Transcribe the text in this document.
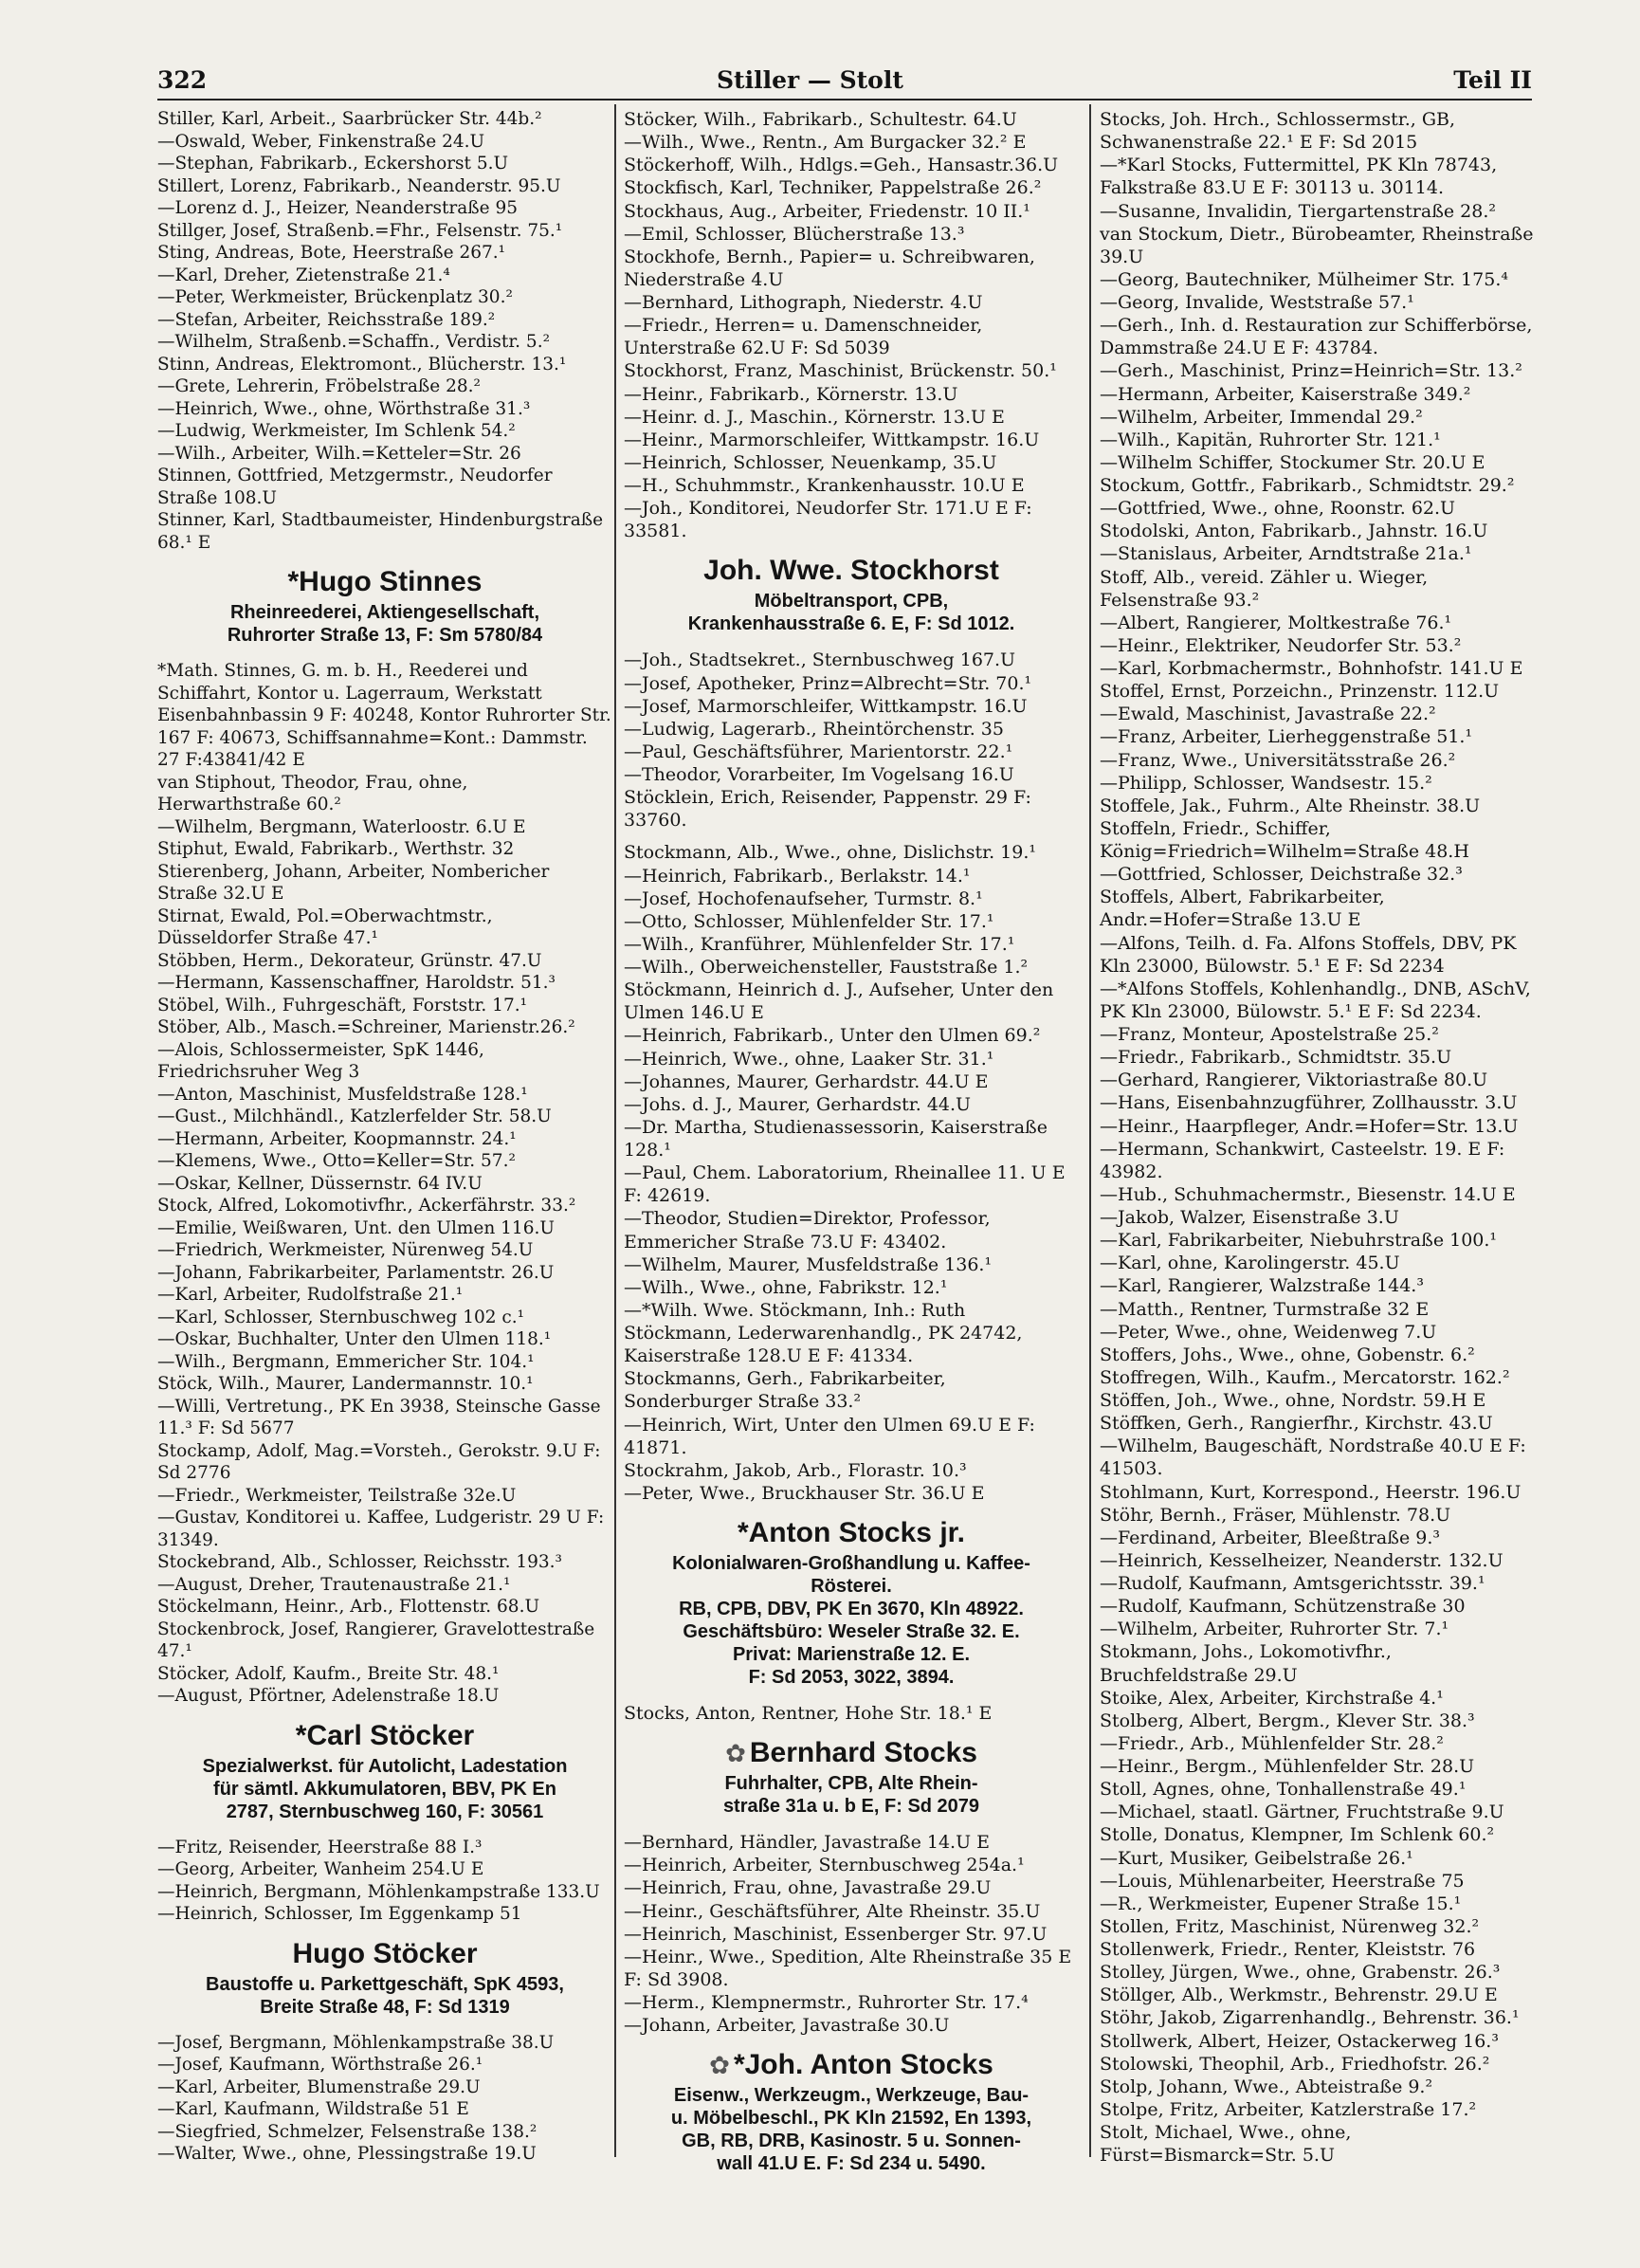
322	Stiller — Stolt	Teil II
Stiller, Karl, Arbeit., Saarbrücker Str. 44b.²
—Oswald, Weber, Finkenstraße 24.U
—Stephan, Fabrikarb., Eckershorst 5.U
Stillert, Lorenz, Fabrikarb., Neanderstr. 95.U
—Lorenz d. J., Heizer, Neanderstraße 95
Stillger, Josef, Straßenb.=Fhr., Felsenstr. 75.¹
Sting, Andreas, Bote, Heerstraße 267.¹
—Karl, Dreher, Zietenstraße 21.⁴
—Peter, Werkmeister, Brückenplatz 30.²
—Stefan, Arbeiter, Reichsstraße 189.²
—Wilhelm, Straßenb.=Schaffn., Verdistr. 5.²
Stinn, Andreas, Elektromont., Blücherstr. 13.¹
—Grete, Lehrerin, Fröbelstraße 28.²
—Heinrich, Wwe., ohne, Wörthstraße 31.³
—Ludwig, Werkmeister, Im Schlenk 54.²
—Wilh., Arbeiter, Wilh.=Ketteler=Str. 26
Stinnen, Gottfried, Metzgermstr., Neudorfer Straße 108.U
Stinner, Karl, Stadtbaumeister, Hindenburgstraße 68.¹ E
*Hugo Stinnes
Rheinreederei, Aktiengesellschaft,
Ruhrorter Straße 13, F: Sm 5780/84
*Math. Stinnes, G. m. b. H., Reederei und Schiffahrt, Kontor u. Lagerraum, Werkstatt Eisenbahnbassin 9 F: 40248, Kontor Ruhrorter Str. 167 F: 40673, Schiffsannahme=Kont.: Dammstr. 27 F:43841/42 E
van Stiphout, Theodor, Frau, ohne, Herwarthstraße 60.²
—Wilhelm, Bergmann, Waterloostr. 6.U E
Stiphut, Ewald, Fabrikarb., Werthstr. 32
Stierenberg, Johann, Arbeiter, Nombericher Straße 32.U E
Stirnat, Ewald, Pol.=Oberwachtmstr., Düsseldorfer Straße 47.¹
Stöbben, Herm., Dekorateur, Grünstr. 47.U
—Hermann, Kassenschaffner, Haroldstr. 51.³
Stöbel, Wilh., Fuhrgeschäft, Forststr. 17.¹
Stöber, Alb., Masch.=Schreiner, Marienstr.26.²
—Alois, Schlossermeister, SpK 1446, Friedrichsruher Weg 3
—Anton, Maschinist, Musfeldstraße 128.¹
—Gust., Milchhändl., Katzlerfelder Str. 58.U
—Hermann, Arbeiter, Koopmannstr. 24.¹
—Klemens, Wwe., Otto=Keller=Str. 57.²
—Oskar, Kellner, Düssernstr. 64 IV.U
Stock, Alfred, Lokomotivfhr., Ackerfährstr. 33.²
—Emilie, Weißwaren, Unt. den Ulmen 116.U
—Friedrich, Werkmeister, Nürenweg 54.U
—Johann, Fabrikarbeiter, Parlamentstr. 26.U
—Karl, Arbeiter, Rudolfstraße 21.¹
—Karl, Schlosser, Sternbuschweg 102 c.¹
—Oskar, Buchhalter, Unter den Ulmen 118.¹
—Wilh., Bergmann, Emmericher Str. 104.¹
Stöck, Wilh., Maurer, Landermannstr. 10.¹
—Willi, Vertretung., PK En 3938, Steinsche Gasse 11.³ F: Sd 5677
Stockamp, Adolf, Mag.=Vorsteh., Gerokstr. 9.U F: Sd 2776
—Friedr., Werkmeister, Teilstraße 32e.U
—Gustav, Konditorei u. Kaffee, Ludgeristr. 29 U F: 31349.
Stockebrand, Alb., Schlosser, Reichsstr. 193.³
—August, Dreher, Trautenaustraße 21.¹
Stöckelmann, Heinr., Arb., Flottenstr. 68.U
Stockenbrock, Josef, Rangierer, Gravelottestraße 47.¹
Stöcker, Adolf, Kaufm., Breite Str. 48.¹
—August, Pförtner, Adelenstraße 18.U
*Carl Stöcker
Spezialwerkst. für Autolicht, Ladestation
für sämtl. Akkumulatoren, BBV, PK En
2787, Sternbuschweg 160, F: 30561
—Fritz, Reisender, Heerstraße 88 I.³
—Georg, Arbeiter, Wanheim 254.U E
—Heinrich, Bergmann, Möhlenkampstraße 133.U
—Heinrich, Schlosser, Im Eggenkamp 51
Hugo Stöcker
Baustoffe u. Parkettgeschäft, SpK 4593,
Breite Straße 48, F: Sd 1319
—Josef, Bergmann, Möhlenkampstraße 38.U
—Josef, Kaufmann, Wörthstraße 26.¹
—Karl, Arbeiter, Blumenstraße 29.U
—Karl, Kaufmann, Wildstraße 51 E
—Siegfried, Schmelzer, Felsenstraße 138.²
—Walter, Wwe., ohne, Plessingstraße 19.U
Stöcker, Wilh., Fabrikarb., Schultestr. 64.U
—Wilh., Wwe., Rentn., Am Burgacker 32.² E
Stöckerhoff, Wilh., Hdlgs.=Geh., Hansastr.36.U
Stockfisch, Karl, Techniker, Pappelstraße 26.²
Stockhaus, Aug., Arbeiter, Friedenstr. 10 II.¹
—Emil, Schlosser, Blücherstraße 13.³
Stockhofe, Bernh., Papier= u. Schreibwaren, Niederstraße 4.U
—Bernhard, Lithograph, Niederstr. 4.U
—Friedr., Herren= u. Damenschneider, Unterstraße 62.U F: Sd 5039
Stockhorst, Franz, Maschinist, Brückenstr. 50.¹
—Heinr., Fabrikarb., Körnerstr. 13.U
—Heinr. d. J., Maschin., Körnerstr. 13.U E
—Heinr., Marmorschleifer, Wittkampstr. 16.U
—Heinrich, Schlosser, Neuenkamp, 35.U
—H., Schuhmmstr., Krankenhausstr. 10.U E
—Joh., Konditorei, Neudorfer Str. 171.U E F: 33581.
Joh. Wwe. Stockhorst
Möbeltransport, CPB,
Krankenhausstraße 6. E, F: Sd 1012.
—Joh., Stadtsekret., Sternbuschweg 167.U
—Josef, Apotheker, Prinz=Albrecht=Str. 70.¹
—Josef, Marmorschleifer, Wittkampstr. 16.U
—Ludwig, Lagerarb., Rheintörchenstr. 35
—Paul, Geschäftsführer, Marientorstr. 22.¹
—Theodor, Vorarbeiter, Im Vogelsang 16.U
Stöcklein, Erich, Reisender, Pappenstr. 29 F: 33760.
Stockmann, Alb., Wwe., ohne, Dislichstr. 19.¹
—Heinrich, Fabrikarb., Berlakstr. 14.¹
—Josef, Hochofenaufseher, Turmstr. 8.¹
—Otto, Schlosser, Mühlenfelder Str. 17.¹
—Wilh., Kranführer, Mühlenfelder Str. 17.¹
—Wilh., Oberweichensteller, Fauststraße 1.²
Stöckmann, Heinrich d. J., Aufseher, Unter den Ulmen 146.U E
—Heinrich, Fabrikarb., Unter den Ulmen 69.²
—Heinrich, Wwe., ohne, Laaker Str. 31.¹
—Johannes, Maurer, Gerhardstr. 44.U E
—Johs. d. J., Maurer, Gerhardstr. 44.U
—Dr. Martha, Studienassessorin, Kaiserstraße 128.¹
—Paul, Chem. Laboratorium, Rheinallee 11. U E F: 42619.
—Theodor, Studien=Direktor, Professor, Emmericher Straße 73.U F: 43402.
—Wilhelm, Maurer, Musfeldstraße 136.¹
—Wilh., Wwe., ohne, Fabrikstr. 12.¹
—*Wilh. Wwe. Stöckmann, Inh.: Ruth Stöckmann, Lederwarenhandlg., PK 24742, Kaiserstraße 128.U E F: 41334.
Stockmanns, Gerh., Fabrikarbeiter, Sonderburger Straße 33.²
—Heinrich, Wirt, Unter den Ulmen 69.U E F: 41871.
Stockrahm, Jakob, Arb., Florastr. 10.³
—Peter, Wwe., Bruckhauser Str. 36.U E
*Anton Stocks jr.
Kolonialwaren-Großhandlung u. Kaffee-
Rösterei.
RB, CPB, DBV, PK En 3670, Kln 48922.
Geschäftsbüro: Weseler Straße 32. E.
Privat: Marienstraße 12. E.
F: Sd 2053, 3022, 3894.
Stocks, Anton, Rentner, Hohe Str. 18.¹ E
✿ Bernhard Stocks
Fuhrhalter, CPB, Alte Rhein-
straße 31a u. b E, F: Sd 2079
—Bernhard, Händler, Javastraße 14.U E
—Heinrich, Arbeiter, Sternbuschweg 254a.¹
—Heinrich, Frau, ohne, Javastraße 29.U
—Heinr., Geschäftsführer, Alte Rheinstr. 35.U
—Heinrich, Maschinist, Essenberger Str. 97.U
—Heinr., Wwe., Spedition, Alte Rheinstraße 35 E F: Sd 3908.
—Herm., Klempnermstr., Ruhrorter Str. 17.⁴
—Johann, Arbeiter, Javastraße 30.U
✿ *Joh. Anton Stocks
Eisenw., Werkzeugm., Werkzeuge, Bau-
u. Möbelbeschl., PK Kln 21592, En 1393,
GB, RB, DRB, Kasinostr. 5 u. Sonnen-
wall 41.U E. F: Sd 234 u. 5490.
Stocks, Joh. Hrch., Schlossermstr., GB, Schwanenstraße 22.¹ E F: Sd 2015
—*Karl Stocks, Futtermittel, PK Kln 78743, Falkstraße 83.U E F: 30113 u. 30114.
—Susanne, Invalidin, Tiergartenstraße 28.²
van Stockum, Dietr., Bürobeamter, Rheinstraße 39.U
—Georg, Bautechniker, Mülheimer Str. 175.⁴
—Georg, Invalide, Weststraße 57.¹
—Gerh., Inh. d. Restauration zur Schifferbörse, Dammstraße 24.U E F: 43784.
—Gerh., Maschinist, Prinz=Heinrich=Str. 13.²
—Hermann, Arbeiter, Kaiserstraße 349.²
—Wilhelm, Arbeiter, Immendal 29.²
—Wilh., Kapitän, Ruhrorter Str. 121.¹
—Wilhelm Schiffer, Stockumer Str. 20.U E
Stockum, Gottfr., Fabrikarb., Schmidtstr. 29.²
—Gottfried, Wwe., ohne, Roonstr. 62.U
Stodolski, Anton, Fabrikarb., Jahnstr. 16.U
—Stanislaus, Arbeiter, Arndtstraße 21a.¹
Stoff, Alb., vereid. Zähler u. Wieger, Felsenstraße 93.²
—Albert, Rangierer, Moltkestraße 76.¹
—Heinr., Elektriker, Neudorfer Str. 53.²
—Karl, Korbmachermstr., Bohnhofstr. 141.U E
Stoffel, Ernst, Porzeichn., Prinzenstr. 112.U
—Ewald, Maschinist, Javastraße 22.²
—Franz, Arbeiter, Lierheggenstraße 51.¹
—Franz, Wwe., Universitätsstraße 26.²
—Philipp, Schlosser, Wandsestr. 15.²
Stoffele, Jak., Fuhrm., Alte Rheinstr. 38.U
Stoffeln, Friedr., Schiffer, König=Friedrich=Wilhelm=Straße 48.H
—Gottfried, Schlosser, Deichstraße 32.³
Stoffels, Albert, Fabrikarbeiter, Andr.=Hofer=Straße 13.U E
—Alfons, Teilh. d. Fa. Alfons Stoffels, DBV, PK Kln 23000, Bülowstr. 5.¹ E F: Sd 2234
—*Alfons Stoffels, Kohlenhandlg., DNB, ASchV, PK Kln 23000, Bülowstr. 5.¹ E F: Sd 2234.
—Franz, Monteur, Apostelstraße 25.²
—Friedr., Fabrikarb., Schmidtstr. 35.U
—Gerhard, Rangierer, Viktoriastraße 80.U
—Hans, Eisenbahnzugführer, Zollhausstr. 3.U
—Heinr., Haarpfleger, Andr.=Hofer=Str. 13.U
—Hermann, Schankwirt, Casteelstr. 19. E F: 43982.
—Hub., Schuhmachermstr., Biesenstr. 14.U E
—Jakob, Walzer, Eisenstraße 3.U
—Karl, Fabrikarbeiter, Niebuhrstraße 100.¹
—Karl, ohne, Karolingerstr. 45.U
—Karl, Rangierer, Walzstraße 144.³
—Matth., Rentner, Turmstraße 32 E
—Peter, Wwe., ohne, Weidenweg 7.U
Stoffers, Johs., Wwe., ohne, Gobenstr. 6.²
Stoffregen, Wilh., Kaufm., Mercatorstr. 162.²
Stöffen, Joh., Wwe., ohne, Nordstr. 59.H E
Stöffken, Gerh., Rangierfhr., Kirchstr. 43.U
—Wilhelm, Baugeschäft, Nordstraße 40.U E F: 41503.
Stohlmann, Kurt, Korrespond., Heerstr. 196.U
Stöhr, Bernh., Fräser, Mühlenstr. 78.U
—Ferdinand, Arbeiter, Bleeßtraße 9.³
—Heinrich, Kesselheizer, Neanderstr. 132.U
—Rudolf, Kaufmann, Amtsgerichtsstr. 39.¹
—Rudolf, Kaufmann, Schützenstraße 30
—Wilhelm, Arbeiter, Ruhrorter Str. 7.¹
Stokmann, Johs., Lokomotivfhr., Bruchfeldstraße 29.U
Stoike, Alex, Arbeiter, Kirchstraße 4.¹
Stolberg, Albert, Bergm., Klever Str. 38.³
—Friedr., Arb., Mühlenfelder Str. 28.²
—Heinr., Bergm., Mühlenfelder Str. 28.U
Stoll, Agnes, ohne, Tonhallenstraße 49.¹
—Michael, staatl. Gärtner, Fruchtstraße 9.U
Stolle, Donatus, Klempner, Im Schlenk 60.²
—Kurt, Musiker, Geibelstraße 26.¹
—Louis, Mühlenarbeiter, Heerstraße 75
—R., Werkmeister, Eupener Straße 15.¹
Stollen, Fritz, Maschinist, Nürenweg 32.²
Stollenwerk, Friedr., Renter, Kleiststr. 76
Stolley, Jürgen, Wwe., ohne, Grabenstr. 26.³
Stöllger, Alb., Werkmstr., Behrenstr. 29.U E
Stöhr, Jakob, Zigarrenhandlg., Behrenstr. 36.¹
Stollwerk, Albert, Heizer, Ostackerweg 16.³
Stolowski, Theophil, Arb., Friedhofstr. 26.²
Stolp, Johann, Wwe., Abteistraße 9.²
Stolpe, Fritz, Arbeiter, Katzlerstraße 17.²
Stolt, Michael, Wwe., ohne, Fürst=Bismarck=Str. 5.U
